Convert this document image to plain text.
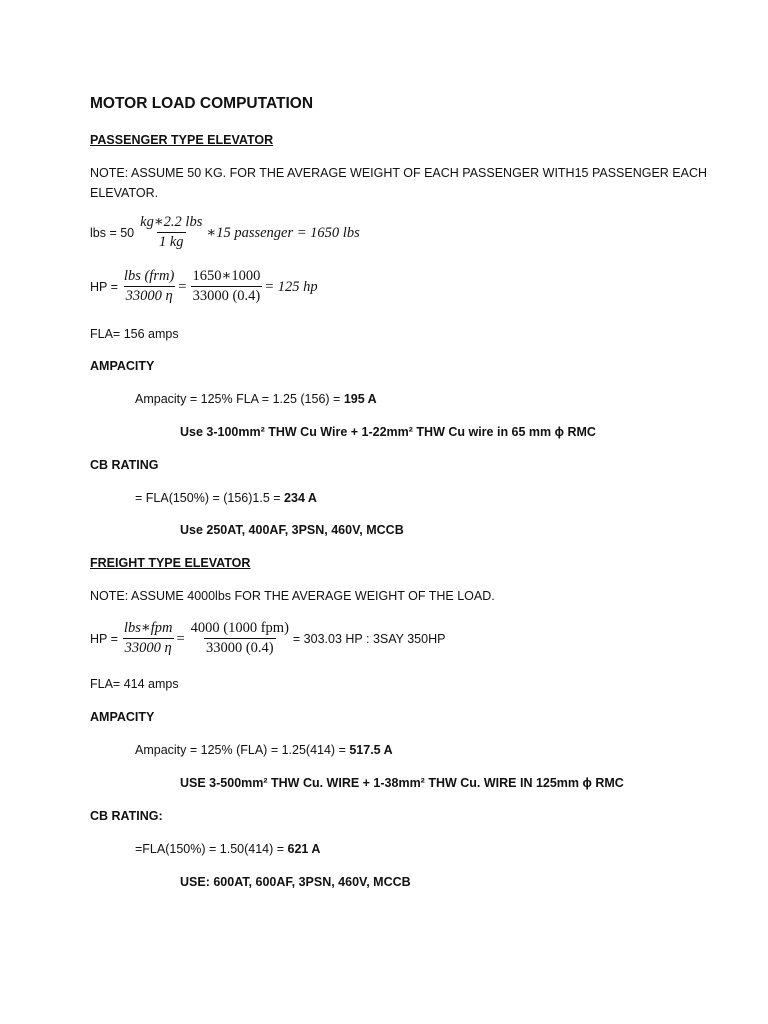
MOTOR LOAD COMPUTATION
PASSENGER TYPE ELEVATOR
NOTE: ASSUME 50 KG. FOR THE AVERAGE WEIGHT OF EACH PASSENGER WITH15 PASSENGER EACH
ELEVATOR.
lbs = $50 \frac{\text{kg∗2.2 lbs}}{1 kg}$ ∗15 passenger = 1650 lbs
HP = $\frac{\text{lbs (frm)}}{33000 \eta} = \frac{1650∗1000}{33000 (0.4)} = 125$ hp
FLA= 156 amps
AMPACITY
Ampacity = 125% FLA = 1.25 (156) = 195 A
Use 3-100mm² THW Cu Wire + 1-22mm² THW Cu wire in 65 mm ϕ RMC
CB RATING
= FLA(150%) = (156)1.5 = 234 A
Use 250AT, 400AF, 3PSN, 460V, MCCB
FREIGHT TYPE ELEVATOR
NOTE: ASSUME 4000lbs FOR THE AVERAGE WEIGHT OF THE LOAD.
HP = $\frac{\text{lbs∗fpm}}{33000 \eta} = \frac{\text{4000 (1000 fpm)}}{33000 (0.4)} = 303.03$ HP : 3SAY 350HP
FLA= 414 amps
AMPACITY
Ampacity = 125% (FLA) = 1.25(414) = 517.5 A
USE 3-500mm² THW Cu. WIRE + 1-38mm² THW Cu. WIRE IN 125mm ϕ RMC
CB RATING:
=FLA(150%) = 1.50(414) = 621 A
USE: 600AT, 600AF, 3PSN, 460V, MCCB
